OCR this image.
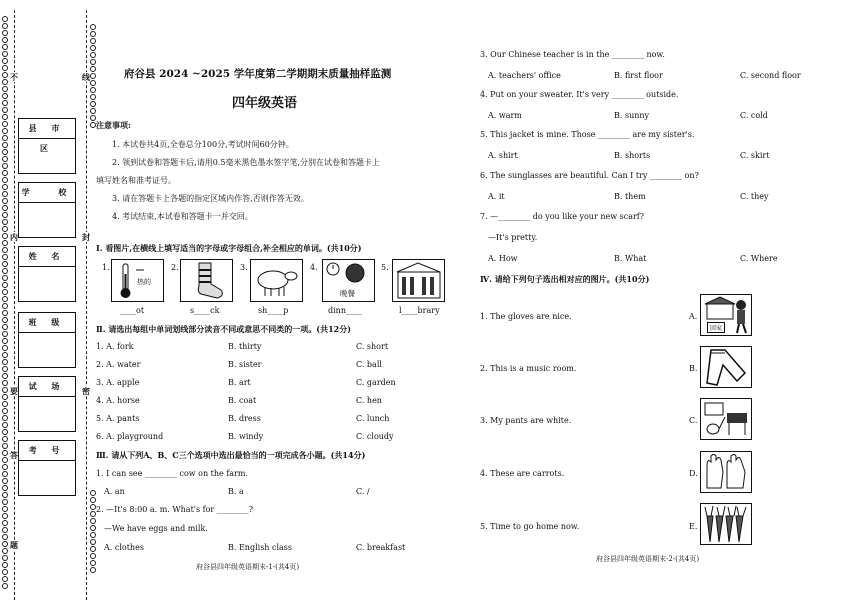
线
封
密
不
内
要
答
题
县 市 区
学　 校
姓 名
班 级
试 场
考 号
府谷县 2024 ~2025 学年度第二学期期末质量抽样监测
四年级英语
注意事项:
1. 本试卷共4页,全卷总分100分,考试时间60分钟。
2. 领到试卷和答题卡后,请用0.5毫米黑色墨水签字笔,分别在试卷和答题卡上
填写姓名和准考证号。
3. 请在答题卡上各题的指定区域内作答,否则作答无效。
4. 考试结束,本试卷和答题卡一并交回。
Ⅰ. 看图片,在横线上填写适当的字母或字母组合,补全相应的单词。(共10分)
1.	2.	3.	4.	5.
热的
晚餐
____ot	s____ck	sh____p	dinn____	l____brary
Ⅱ. 请选出每组中单词划线部分读音不同或意思不同类的一项。(共12分)
1. A. fork	B. thirty	C. short
2. A. water	B. sister	C. ball
3. A. apple	B. art	C. garden
4. A. horse	B. coat	C. hen
5. A. pants	B. dress	C. lunch
6. A. playground	B. windy	C. cloudy
Ⅲ. 请从下列A、B、C三个选项中选出最恰当的一项完成各小题。(共14分)
1. I can see ________ cow on the farm.
A. an	B. a	C. ∕
2. —It's 8:00 a. m. What's for ________?
—We have eggs and milk.
A. clothes	B. English class	C. breakfast
府谷县四年级英语期末-1-(共4页)
3. Our Chinese teacher is in the ________ now.
A. teachers' office	B. first floor	C. second floor
4. Put on your sweater. It's very ________ outside.
A. warm	B. sunny	C. cold
5. This jacket is mine. Those ________ are my sister's.
A. shirt	B. shorts	C. skirt
6. The sunglasses are beautiful. Can I try ________ on?
A. it	B. them	C. they
7. —________ do you like your new scarf?
—It's pretty.
A. How	B. What	C. Where
Ⅳ. 请给下列句子选出相对应的图片。(共10分)
1. The gloves are nice.
2. This is a music room.
3. My pants are white.
4. These are carrots.
5. Time to go home now.
A.
B.
C.
D.
E.
回家
府谷县四年级英语期末-2-(共4页)
